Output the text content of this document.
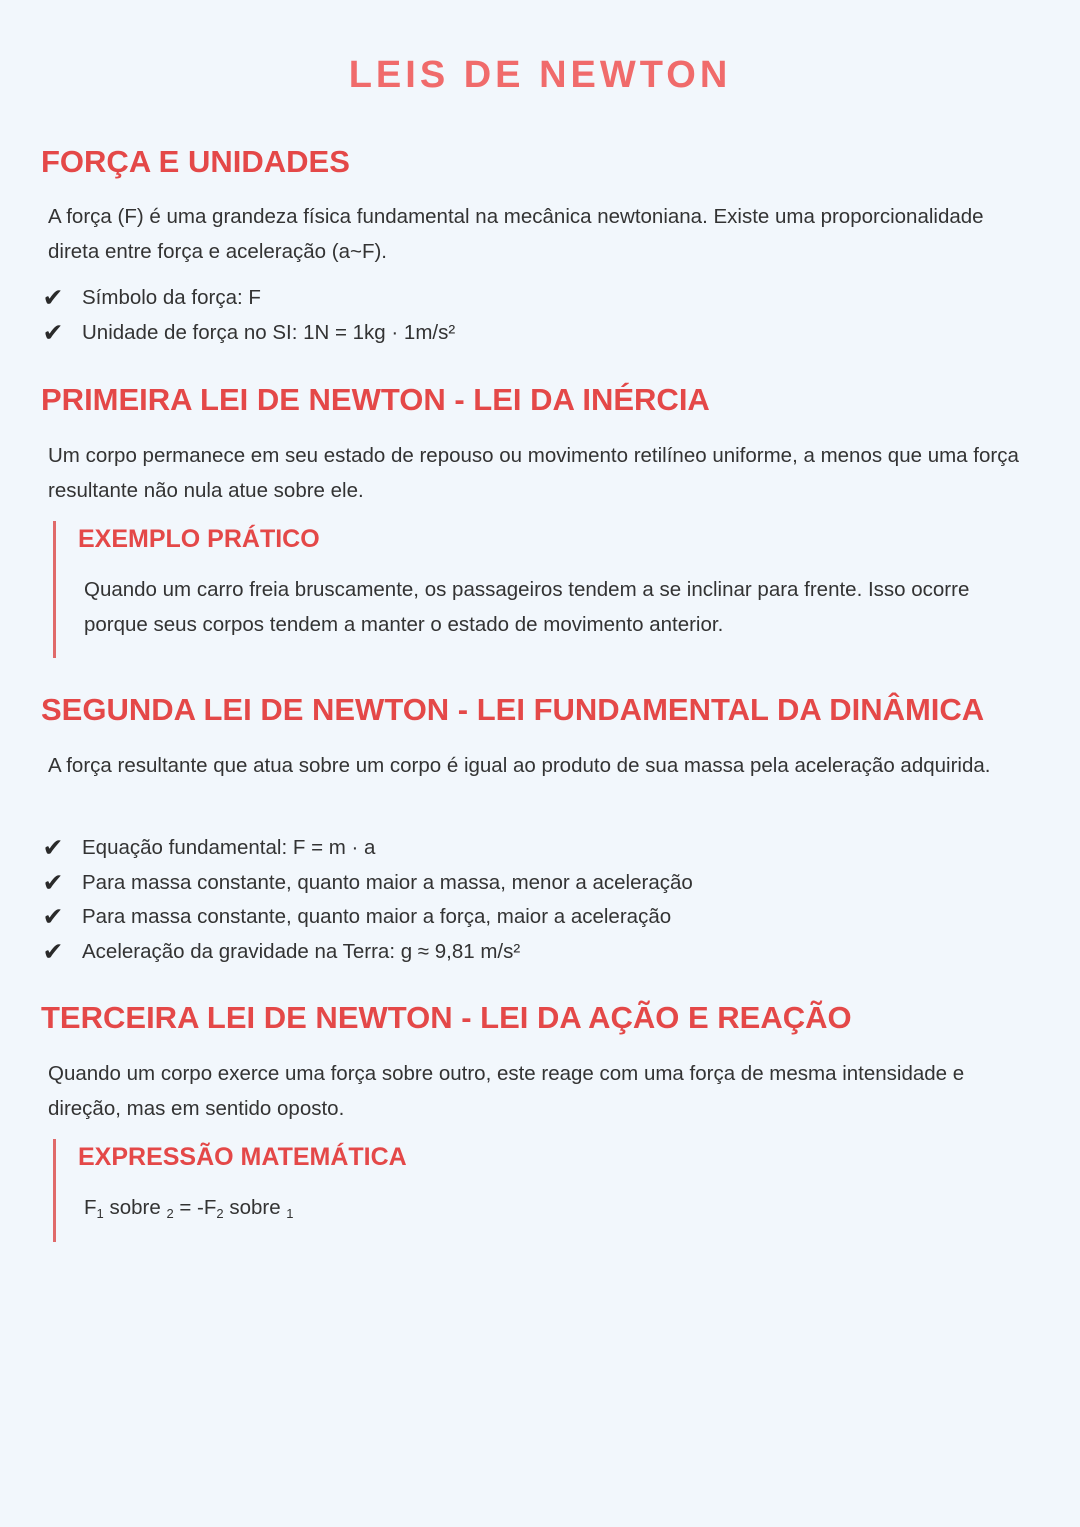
LEIS DE NEWTON
FORÇA E UNIDADES
A força (F) é uma grandeza física fundamental na mecânica newtoniana. Existe uma proporcionalidade direta entre força e aceleração (a~F).
✔ Símbolo da força: F
✔ Unidade de força no SI: 1N = 1kg · 1m/s²
PRIMEIRA LEI DE NEWTON - LEI DA INÉRCIA
Um corpo permanece em seu estado de repouso ou movimento retilíneo uniforme, a menos que uma força resultante não nula atue sobre ele.
EXEMPLO PRÁTICO
Quando um carro freia bruscamente, os passageiros tendem a se inclinar para frente. Isso ocorre porque seus corpos tendem a manter o estado de movimento anterior.
SEGUNDA LEI DE NEWTON - LEI FUNDAMENTAL DA DINÂMICA
A força resultante que atua sobre um corpo é igual ao produto de sua massa pela aceleração adquirida.
✔ Equação fundamental: F = m · a
✔ Para massa constante, quanto maior a massa, menor a aceleração
✔ Para massa constante, quanto maior a força, maior a aceleração
✔ Aceleração da gravidade na Terra: g ≈ 9,81 m/s²
TERCEIRA LEI DE NEWTON - LEI DA AÇÃO E REAÇÃO
Quando um corpo exerce uma força sobre outro, este reage com uma força de mesma intensidade e direção, mas em sentido oposto.
EXPRESSÃO MATEMÁTICA
$F_1$ sobre $_2 = -F_2$ sobre $_1$
